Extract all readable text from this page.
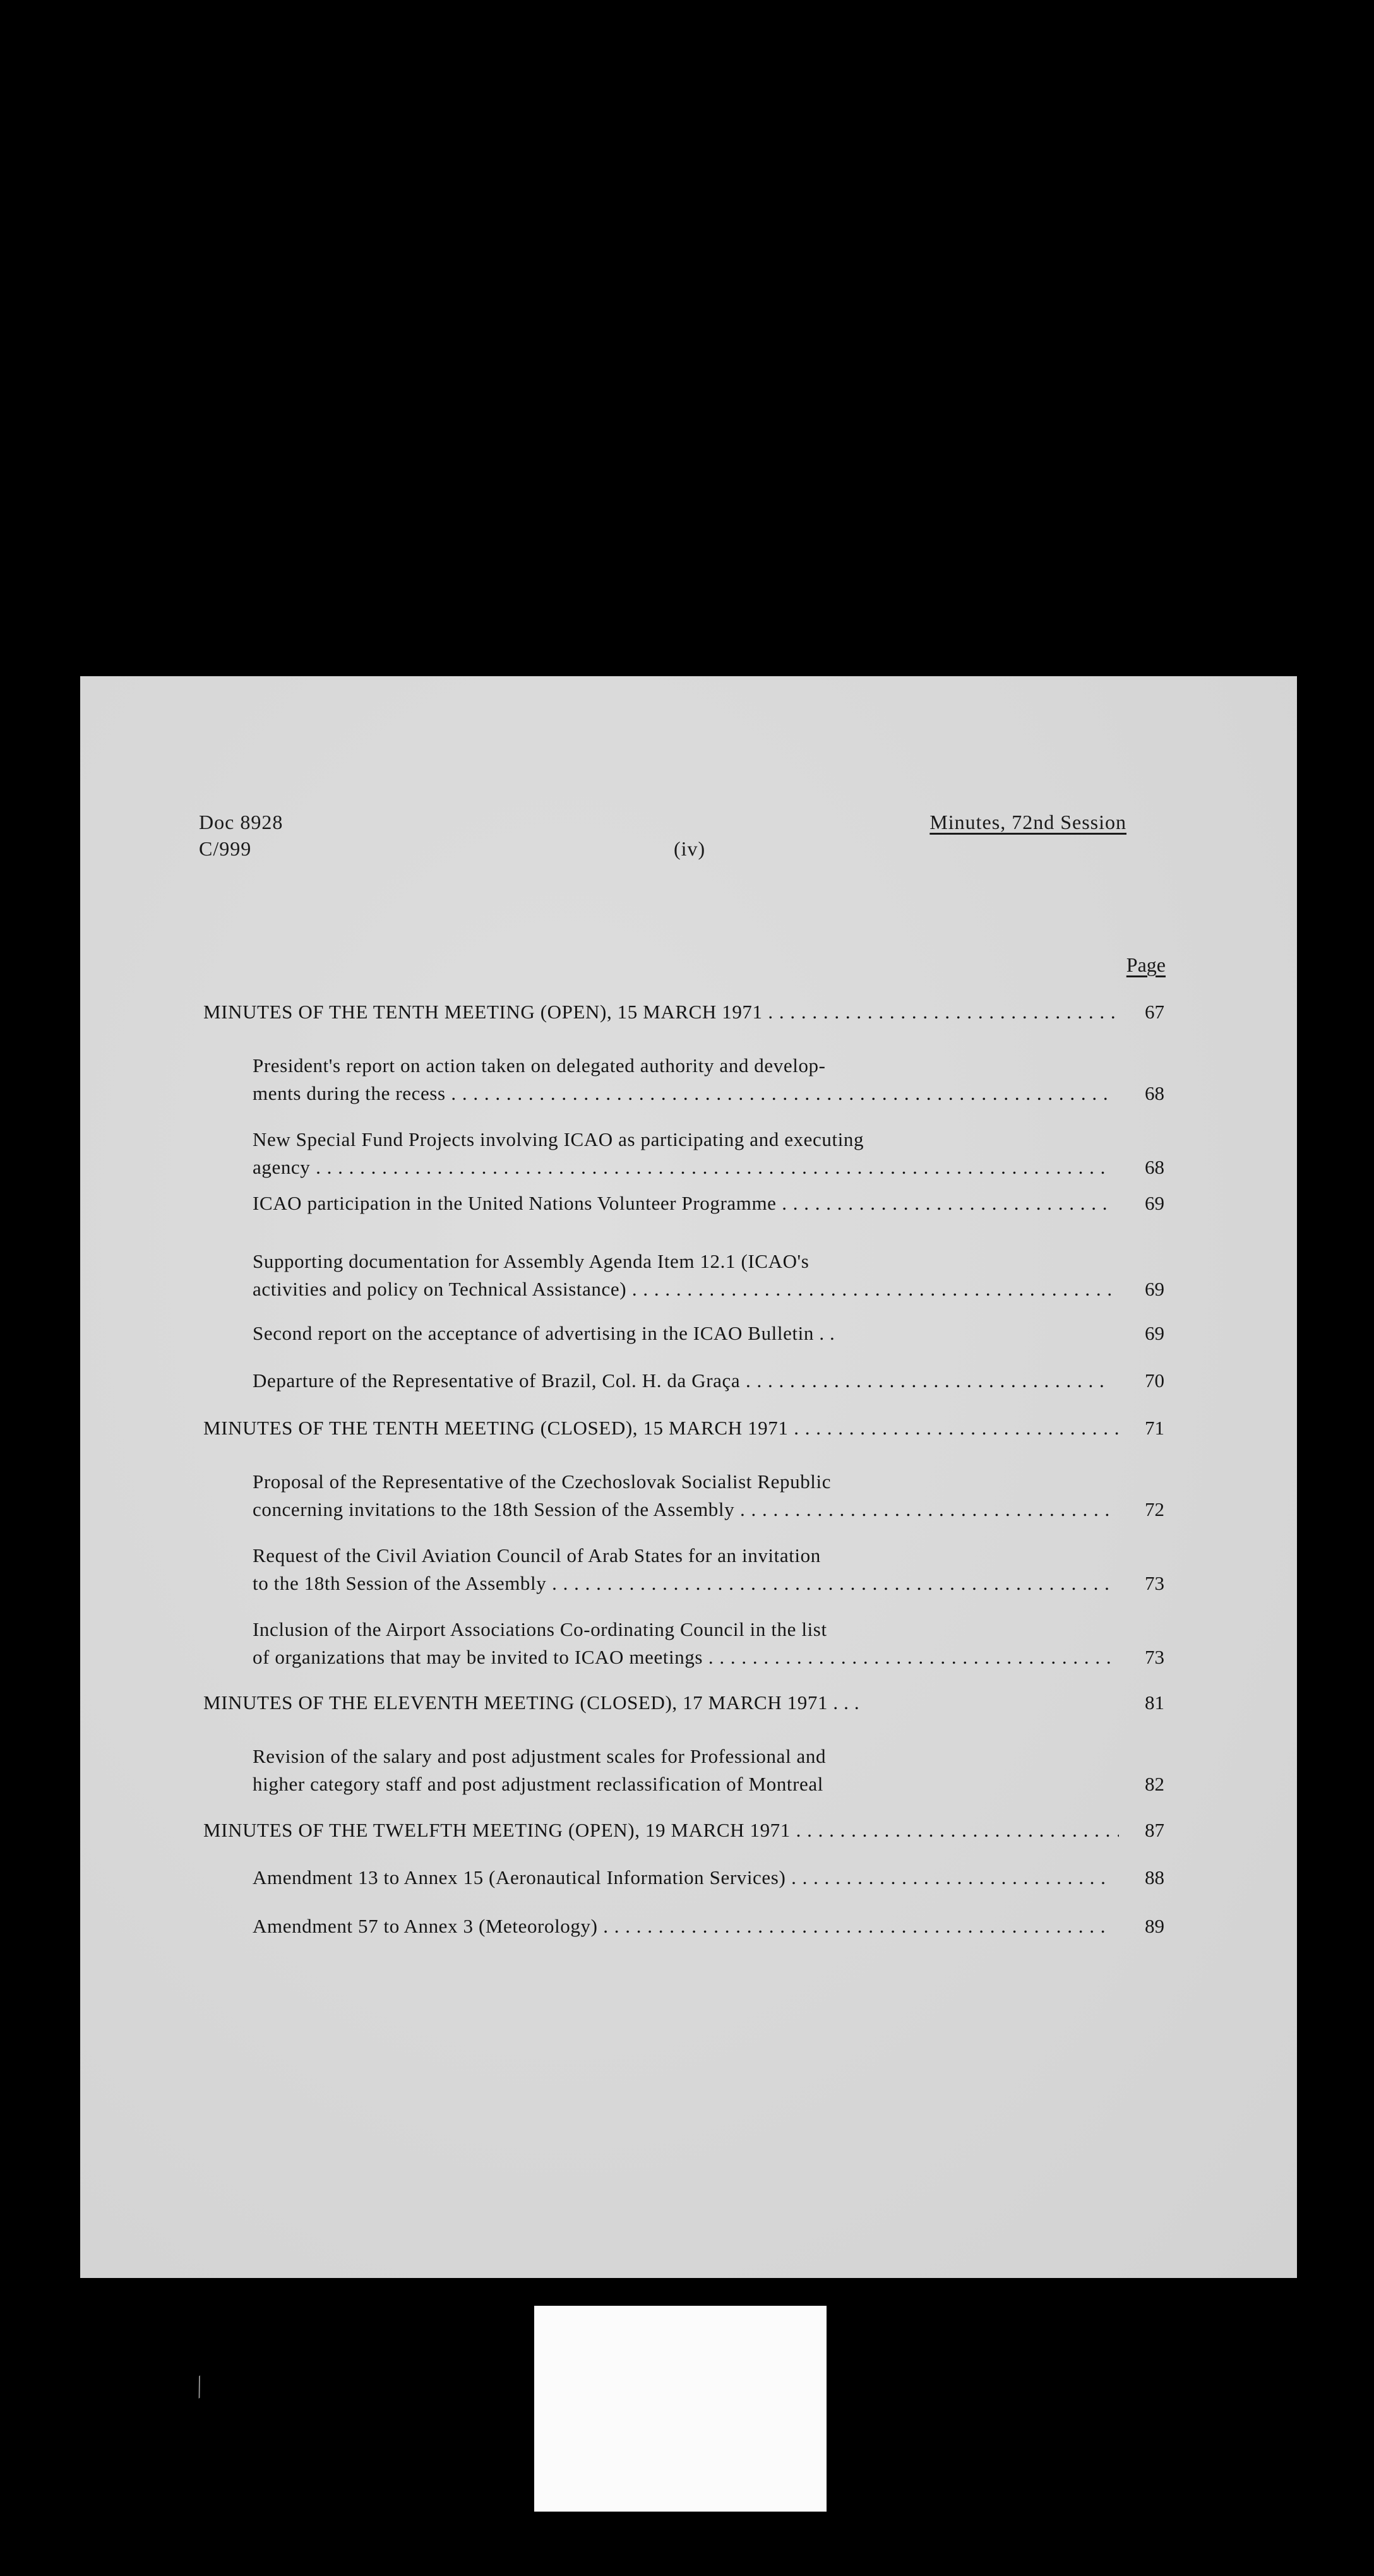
Doc 8928
C/999	(iv)
Minutes, 72nd Session
Page
MINUTES OF THE TENTH MEETING (OPEN), 15 MARCH 1971 . . .	67
President's report on action taken on delegated authority and develop-
ments during the recess . . .	68
New Special Fund Projects involving ICAO as participating and executing
agency . . .	68
ICAO participation in the United Nations Volunteer Programme . . .	69
Supporting documentation for Assembly Agenda Item 12.1 (ICAO's
activities and policy on Technical Assistance) . . .	69
Second report on the acceptance of advertising in the ICAO Bulletin . .	69
Departure of the Representative of Brazil, Col. H. da Graça . . .	70
MINUTES OF THE TENTH MEETING (CLOSED), 15 MARCH 1971 . . .	71
Proposal of the Representative of the Czechoslovak Socialist Republic
concerning invitations to the 18th Session of the Assembly . . .	72
Request of the Civil Aviation Council of Arab States for an invitation
to the 18th Session of the Assembly . . .	73
Inclusion of the Airport Associations Co-ordinating Council in the list
of organizations that may be invited to ICAO meetings . . .	73
MINUTES OF THE ELEVENTH MEETING (CLOSED), 17 MARCH 1971 . . .	81
Revision of the salary and post adjustment scales for Professional and
higher category staff and post adjustment reclassification of Montreal	82
MINUTES OF THE TWELFTH MEETING (OPEN), 19 MARCH 1971 . . .	87
Amendment 13 to Annex 15 (Aeronautical Information Services) . . .	88
Amendment 57 to Annex 3 (Meteorology) . . .	89
⁄
